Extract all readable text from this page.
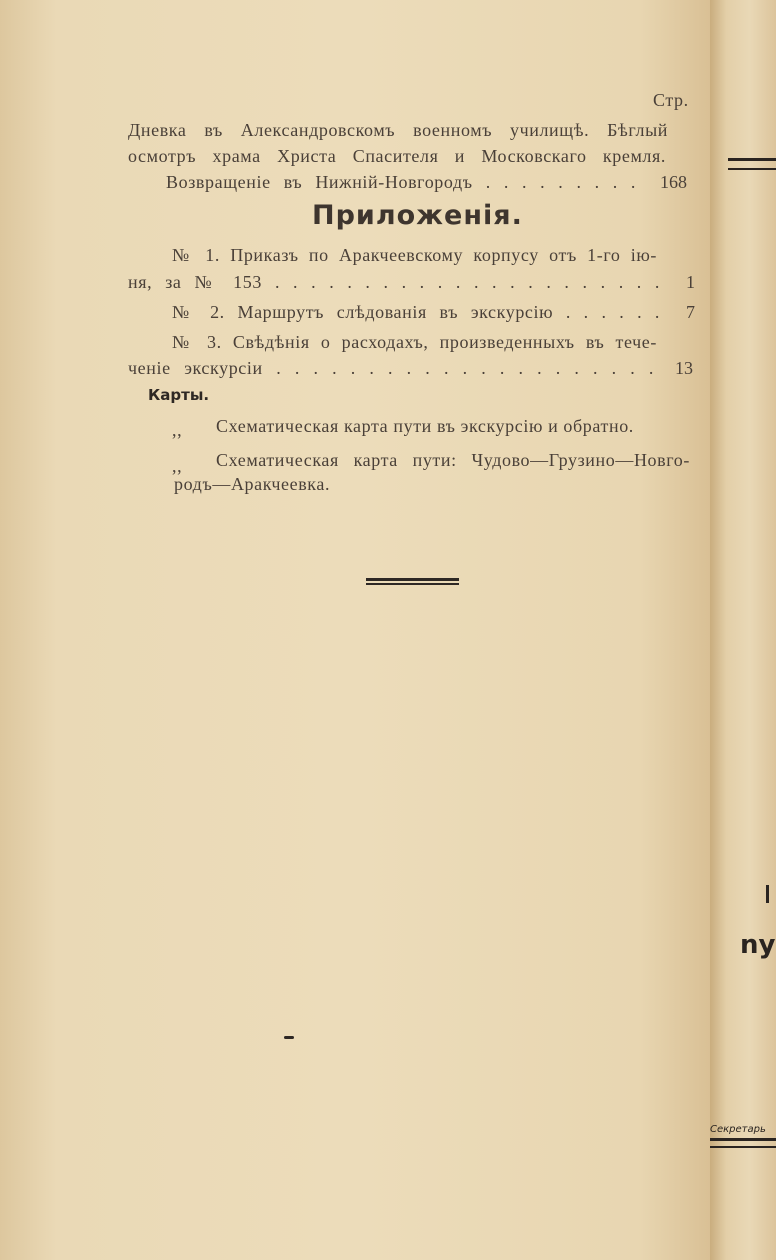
Стр.
Дневка въ Александровскомъ военномъ училищѣ. Бѣглый
осмотръ храма Христа Спасителя и Московскаго кремля.
Возвращеніе въ Нижній-Новгородъ . . . . . . . . . 168
Приложенія.
№ 1. Приказъ по Аракчеевскому корпусу отъ 1-го ію-
ня, за № 153 . . . . . . . . . . . . . . . . . . . . . . 1
№ 2. Маршрутъ слѣдованія въ экскурсію . . . . . . 7
№ 3. Свѣдѣнія о расходахъ, произведенныхъ въ тече-
ченіе экскурсіи . . . . . . . . . . . . . . . . . . . . . 13
Карты.
,, Схематическая карта пути въ экскурсію и обратно.
,, Схематическая карта пути: Чудово—Грузино—Новго-
родъ—Аракчеевка.
ny
Секретарь
